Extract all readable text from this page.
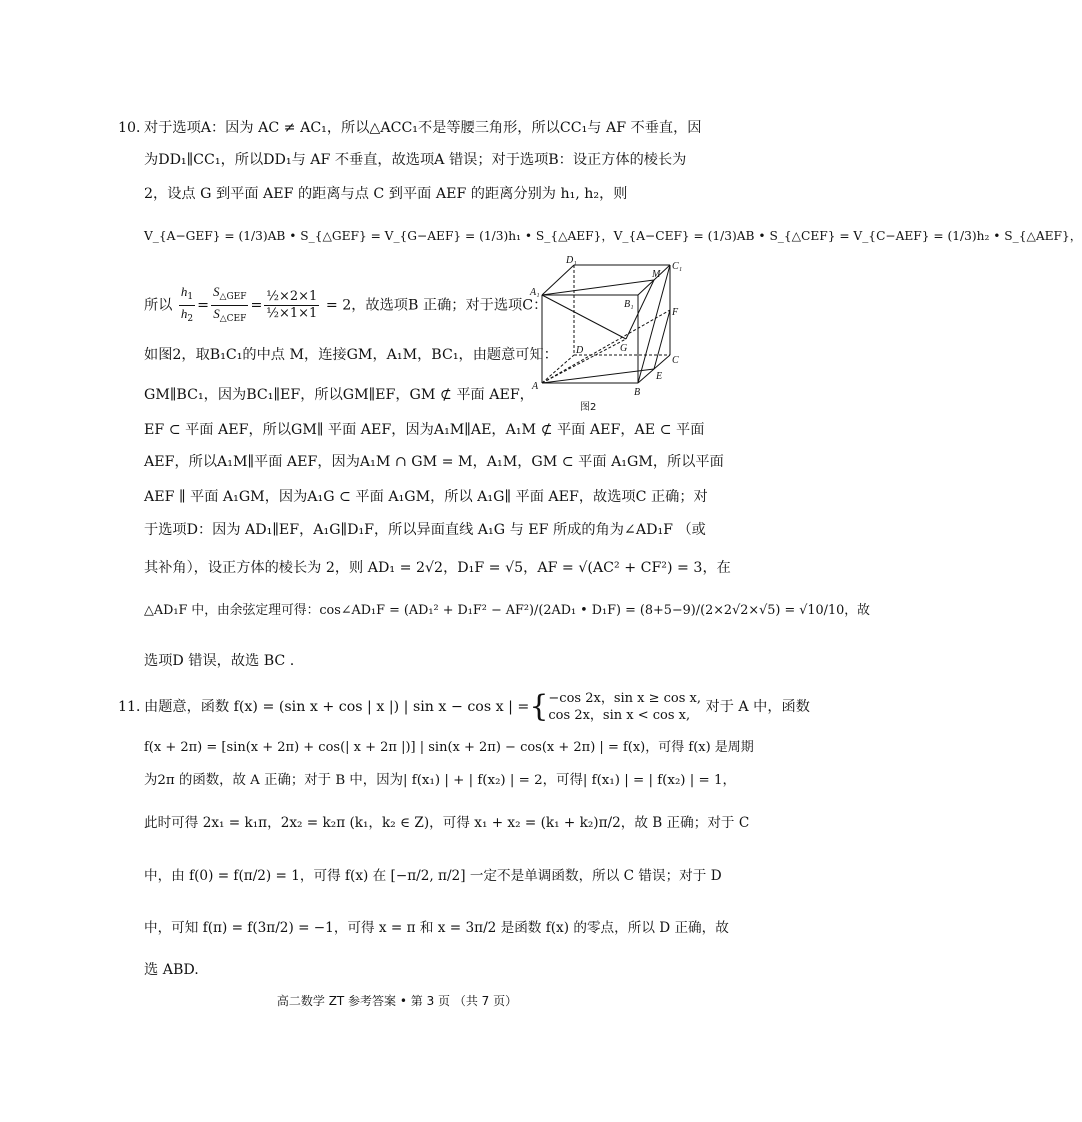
10．对于选项A：因为 AC ≠ AC₁，所以△ACC₁不是等腰三角形，所以CC₁与 AF 不垂直，因
为DD₁∥CC₁，所以DD₁与 AF 不垂直，故选项A 错误；对于选项B：设正方体的棱长为
2，设点 G 到平面 AEF 的距离与点 C 到平面 AEF 的距离分别为 h₁, h₂，则
V_{A−GEF} = (1/3)AB • S_{△GEF} = V_{G−AEF} = (1/3)h₁ • S_{△AEF}，V_{A−CEF} = (1/3)AB • S_{△CEF} = V_{C−AEF} = (1/3)h₂ • S_{△AEF}，
所以 $\frac{h_1}{h_2} = \frac{S_{\triangle GEF}}{S_{\triangle CEF}} = \frac{\text{½×2×1}}{\text{½×1×1}} = 2$，故选项B 正确；对于选项C：
如图2，取B₁C₁的中点 M，连接GM，A₁M，BC₁，由题意可知：
GM∥BC₁，因为BC₁∥EF，所以GM∥EF，GM ⊄ 平面 AEF，
EF ⊂ 平面 AEF，所以GM∥ 平面 AEF，因为A₁M∥AE，A₁M ⊄ 平面 AEF，AE ⊂ 平面
AEF，所以A₁M∥平面 AEF，因为A₁M ∩ GM = M，A₁M，GM ⊂ 平面 A₁GM，所以平面
AEF ∥ 平面 A₁GM，因为A₁G ⊂ 平面 A₁GM，所以 A₁G∥ 平面 AEF，故选项C 正确；对
于选项D：因为 AD₁∥EF，A₁G∥D₁F，所以异面直线 A₁G 与 EF 所成的角为∠AD₁F （或
其补角），设正方体的棱长为 2，则 AD₁ = 2√2，D₁F = √5，AF = √(AC² + CF²) = 3，在
△AD₁F 中，由余弦定理可得：cos∠AD₁F = (AD₁² + D₁F² − AF²)/(2AD₁ • D₁F) = (8+5−9)/(2×2√2×√5) = √10/10，故
选项D 错误，故选 BC .
D₁
A₁
B₁
M
C₁
F
G
D
C
E
A
B
图2
11．由题意，函数 f(x) = (sin x + cos | x |) | sin x − cos x | ={ −cos 2x，sin x ≥ cos x,
cos 2x，sin x < cos x,
对于 A 中，函数
f(x + 2π) = [sin(x + 2π) + cos(| x + 2π |)] | sin(x + 2π) − cos(x + 2π) | = f(x)，可得 f(x) 是周期
为2π 的函数，故 A 正确；对于 B 中，因为| f(x₁) | + | f(x₂) | = 2，可得| f(x₁) | = | f(x₂) | = 1，
此时可得 2x₁ = k₁π，2x₂ = k₂π (k₁，k₂ ∈ Z)，可得 x₁ + x₂ = (k₁ + k₂)π/2，故 B 正确；对于 C
中，由 f(0) = f(π/2) = 1，可得 f(x) 在 [−π/2, π/2] 一定不是单调函数，所以 C 错误；对于 D
中，可知 f(π) = f(3π/2) = −1，可得 x = π 和 x = 3π/2 是函数 f(x) 的零点，所以 D 正确，故
选 ABD.
高二数学 ZT 参考答案 • 第 3 页 （共 7 页）
